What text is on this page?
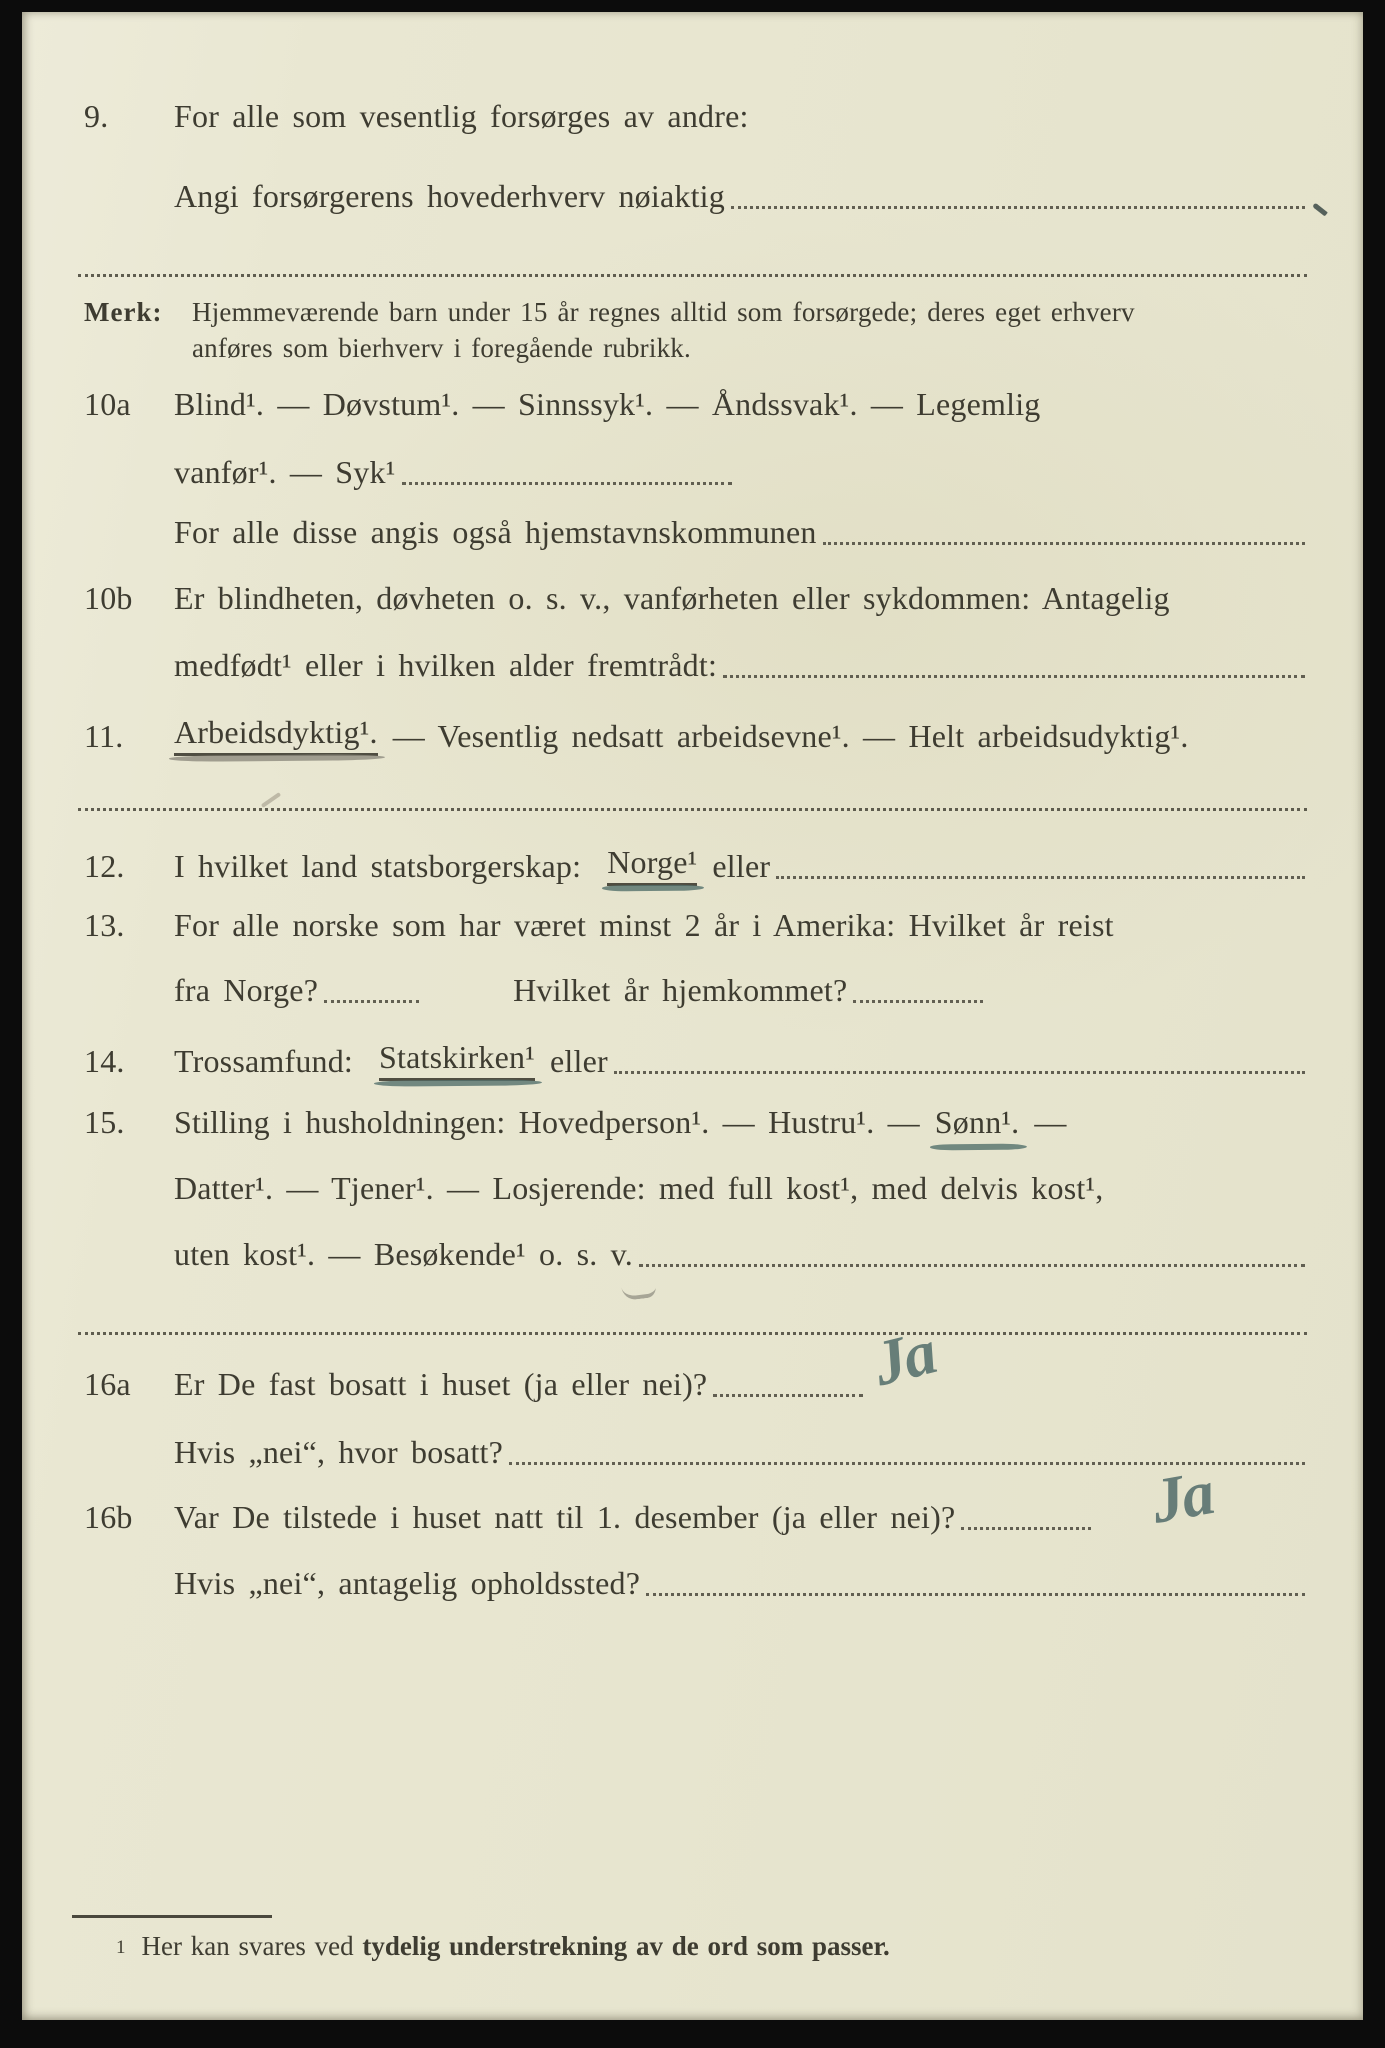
9.	For alle som vesentlig forsørges av andre:
Angi forsørgerens hovederhverv nøiaktig
Merk:	Hjemmeværende barn under 15 år regnes alltid som forsørgede; deres eget erhverv
anføres som bierhverv i foregående rubrikk.
10a	Blind¹. — Døvstum¹. — Sinnssyk¹. — Åndssvak¹. — Legemlig
vanfør¹. — Syk¹
For alle disse angis også hjemstavnskommunen
10b	Er blindheten, døvheten o. s. v., vanførheten eller sykdommen: Antagelig
medfødt¹ eller i hvilken alder fremtrådt:
11.	Arbeidsdyktig¹. — Vesentlig nedsatt arbeidsevne¹. — Helt arbeidsudyktig¹.
12.	I hvilket land statsborgerskap: Norge¹ eller
13.	For alle norske som har været minst 2 år i Amerika: Hvilket år reist
fra Norge?	Hvilket år hjemkommet?
14.	Trossamfund: Statskirken¹ eller
15.	Stilling i husholdningen: Hovedperson¹. — Hustru¹. — Sønn¹. —
Datter¹. — Tjener¹. — Losjerende: med full kost¹, med delvis kost¹,
uten kost¹. — Besøkende¹ o. s. v.
16a	Er De fast bosatt i huset (ja eller nei)? Ja
Hvis „nei“, hvor bosatt?
16b	Var De tilstede i huset natt til 1. desember (ja eller nei)?	Ja
Hvis „nei“, antagelig opholdssted?
1 Her kan svares ved tydelig understrekning av de ord som passer.
